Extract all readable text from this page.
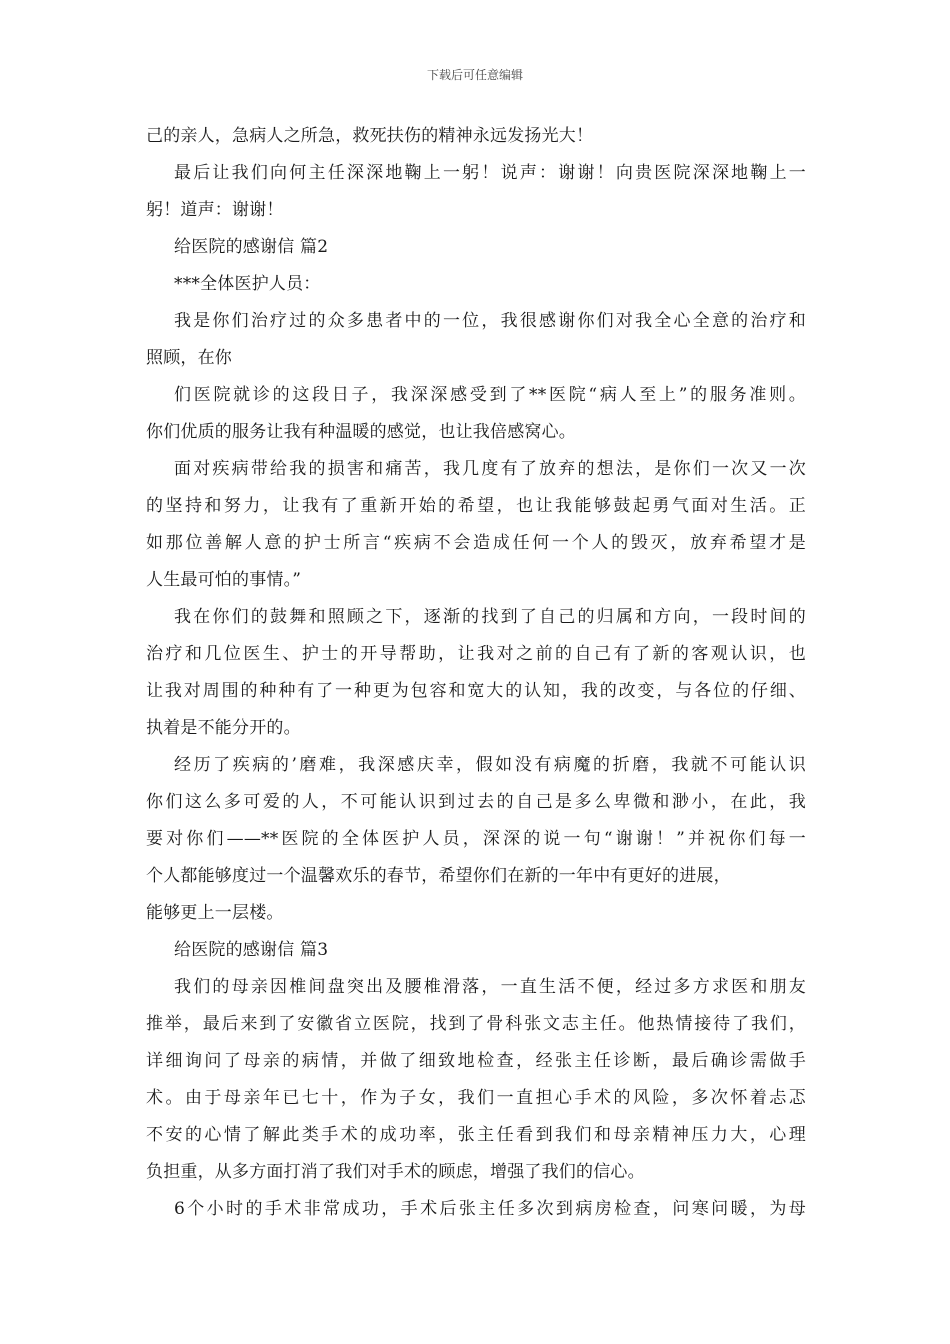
下载后可任意编辑
己的亲人，急病人之所急，救死扶伤的精神永远发扬光大！
最后让我们向何主任深深地鞠上一躬！说声：谢谢！向贵医院深深地鞠上一
躬！道声：谢谢！
给医院的感谢信 篇2
***全体医护人员：
我是你们治疗过的众多患者中的一位，我很感谢你们对我全心全意的治疗和
照顾，在你
们医院就诊的这段日子，我深深感受到了**医院“病人至上”的服务准则。
你们优质的服务让我有种温暖的感觉，也让我倍感窝心。
面对疾病带给我的损害和痛苦，我几度有了放弃的想法，是你们一次又一次
的坚持和努力，让我有了重新开始的希望，也让我能够鼓起勇气面对生活。正
如那位善解人意的护士所言“疾病不会造成任何一个人的毁灭，放弃希望才是
人生最可怕的事情。”
我在你们的鼓舞和照顾之下，逐渐的找到了自己的归属和方向，一段时间的
治疗和几位医生、护士的开导帮助，让我对之前的自己有了新的客观认识，也
让我对周围的种种有了一种更为包容和宽大的认知，我的改变，与各位的仔细、
执着是不能分开的。
经历了疾病的’磨难，我深感庆幸，假如没有病魔的折磨，我就不可能认识
你们这么多可爱的人，不可能认识到过去的自己是多么卑微和渺小，在此，我
要对你们——**医院的全体医护人员，深深的说一句“谢谢！”并祝你们每一
个人都能够度过一个温馨欢乐的春节，希望你们在新的一年中有更好的进展，
能够更上一层楼。
给医院的感谢信 篇3
我们的母亲因椎间盘突出及腰椎滑落，一直生活不便，经过多方求医和朋友
推举，最后来到了安徽省立医院，找到了骨科张文志主任。他热情接待了我们，
详细询问了母亲的病情，并做了细致地检查，经张主任诊断，最后确诊需做手
术。由于母亲年已七十，作为子女，我们一直担心手术的风险，多次怀着忐忑
不安的心情了解此类手术的成功率，张主任看到我们和母亲精神压力大，心理
负担重，从多方面打消了我们对手术的顾虑，增强了我们的信心。
6个小时的手术非常成功，手术后张主任多次到病房检查，问寒问暖，为母
